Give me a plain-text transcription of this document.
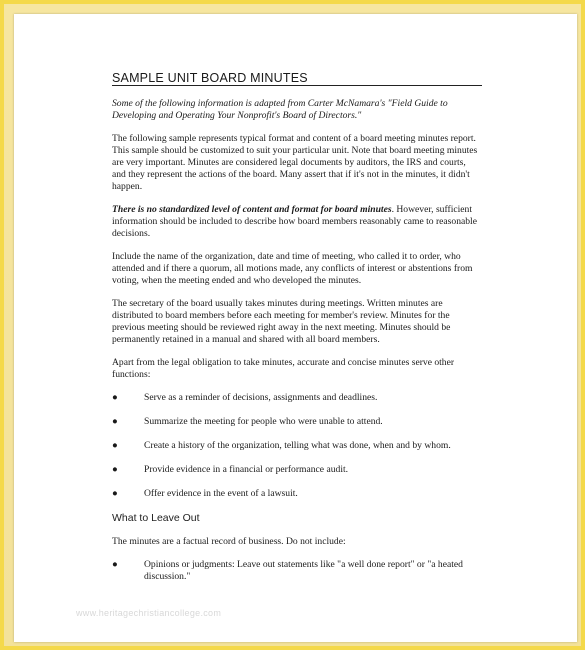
SAMPLE UNIT BOARD MINUTES

Some of the following information is adapted from Carter McNamara's "Field Guide to Developing and Operating Your Nonprofit's Board of Directors."

The following sample represents typical format and content of a board meeting minutes report. This sample should be customized to suit your particular unit. Note that board meeting minutes are very important. Minutes are considered legal documents by auditors, the IRS and courts, and they represent the actions of the board. Many assert that if it's not in the minutes, it didn't happen.

There is no standardized level of content and format for board minutes. However, sufficient information should be included to describe how board members reasonably came to reasonable decisions.

Include the name of the organization, date and time of meeting, who called it to order, who attended and if there a quorum, all motions made, any conflicts of interest or abstentions from voting, when the meeting ended and who developed the minutes.

The secretary of the board usually takes minutes during meetings. Written minutes are distributed to board members before each meeting for member's review. Minutes for the previous meeting should be reviewed right away in the next meeting. Minutes should be permanently retained in a manual and shared with all board members.

Apart from the legal obligation to take minutes, accurate and concise minutes serve other functions:

●	Serve as a reminder of decisions, assignments and deadlines.
●	Summarize the meeting for people who were unable to attend.
●	Create a history of the organization, telling what was done, when and by whom.
●	Provide evidence in a financial or performance audit.
●	Offer evidence in the event of a lawsuit.
What to Leave Out

The minutes are a factual record of business. Do not include:

●	Opinions or judgments: Leave out statements like "a well done report" or "a heated discussion."
www.heritagechristiancollege.com
